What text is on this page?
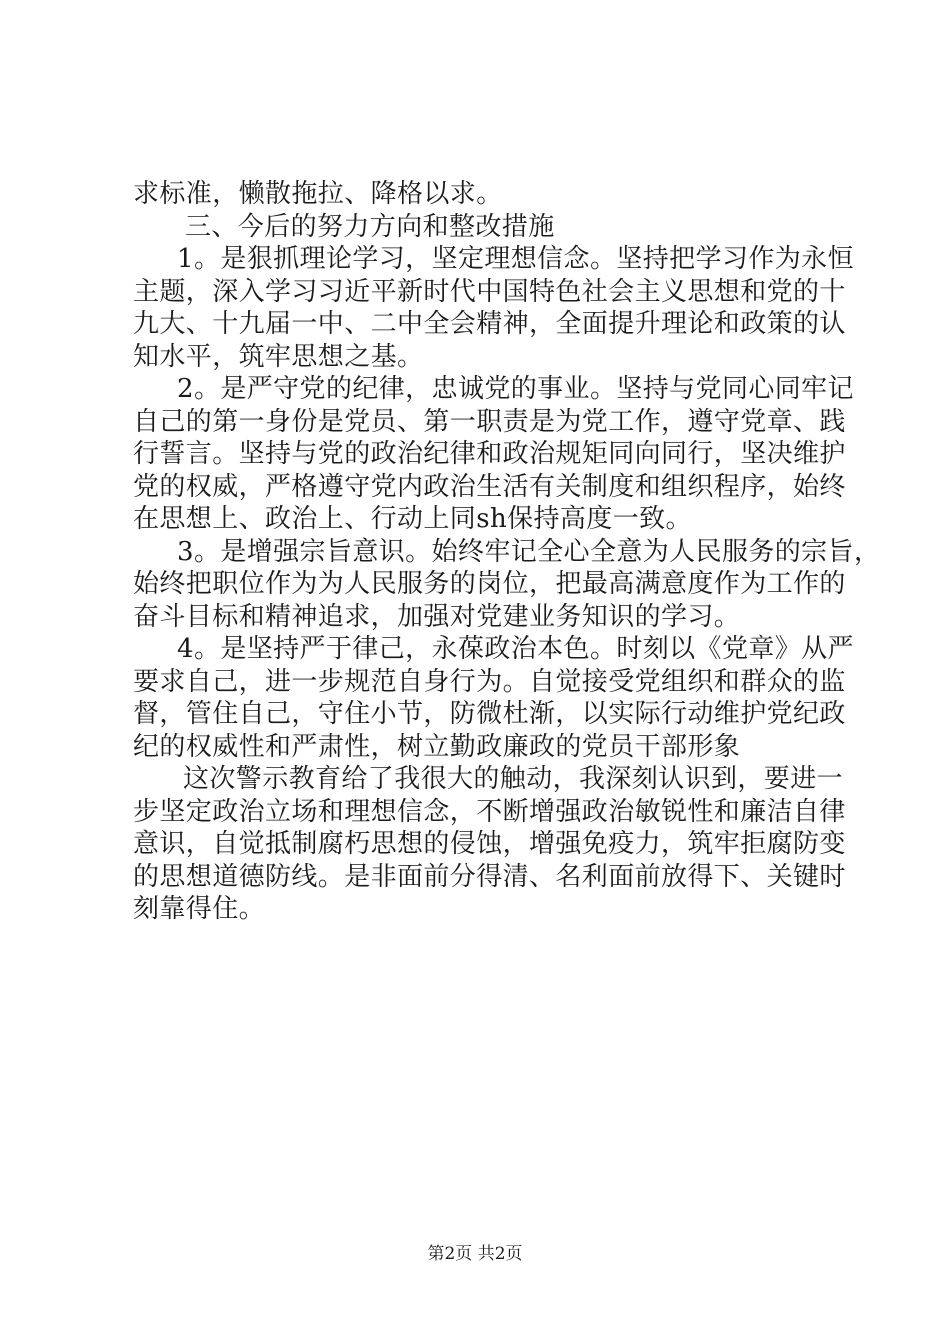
求标准，懒散拖拉、降格以求。
三、今后的努力方向和整改措施
1。是狠抓理论学习，坚定理想信念。坚持把学习作为永恒
主题，深入学习习近平新时代中国特色社会主义思想和党的十
九大、十九届一中、二中全会精神，全面提升理论和政策的认
知水平，筑牢思想之基。
2。是严守党的纪律，忠诚党的事业。坚持与党同心同牢记
自己的第一身份是党员、第一职责是为党工作，遵守党章、践
行誓言。坚持与党的政治纪律和政治规矩同向同行，坚决维护
党的权威，严格遵守党内政治生活有关制度和组织程序，始终
在思想上、政治上、行动上同sh保持高度一致。
3。是增强宗旨意识。始终牢记全心全意为人民服务的宗旨，
始终把职位作为为人民服务的岗位，把最高满意度作为工作的
奋斗目标和精神追求，加强对党建业务知识的学习。
4。是坚持严于律己，永葆政治本色。时刻以《党章》从严
要求自己，进一步规范自身行为。自觉接受党组织和群众的监
督，管住自己，守住小节，防微杜渐，以实际行动维护党纪政
纪的权威性和严肃性，树立勤政廉政的党员干部形象
这次警示教育给了我很大的触动，我深刻认识到，要进一
步坚定政治立场和理想信念，不断增强政治敏锐性和廉洁自律
意识，自觉抵制腐朽思想的侵蚀，增强免疫力，筑牢拒腐防变
的思想道德防线。是非面前分得清、名利面前放得下、关键时
刻靠得住。
第2页 共2页
